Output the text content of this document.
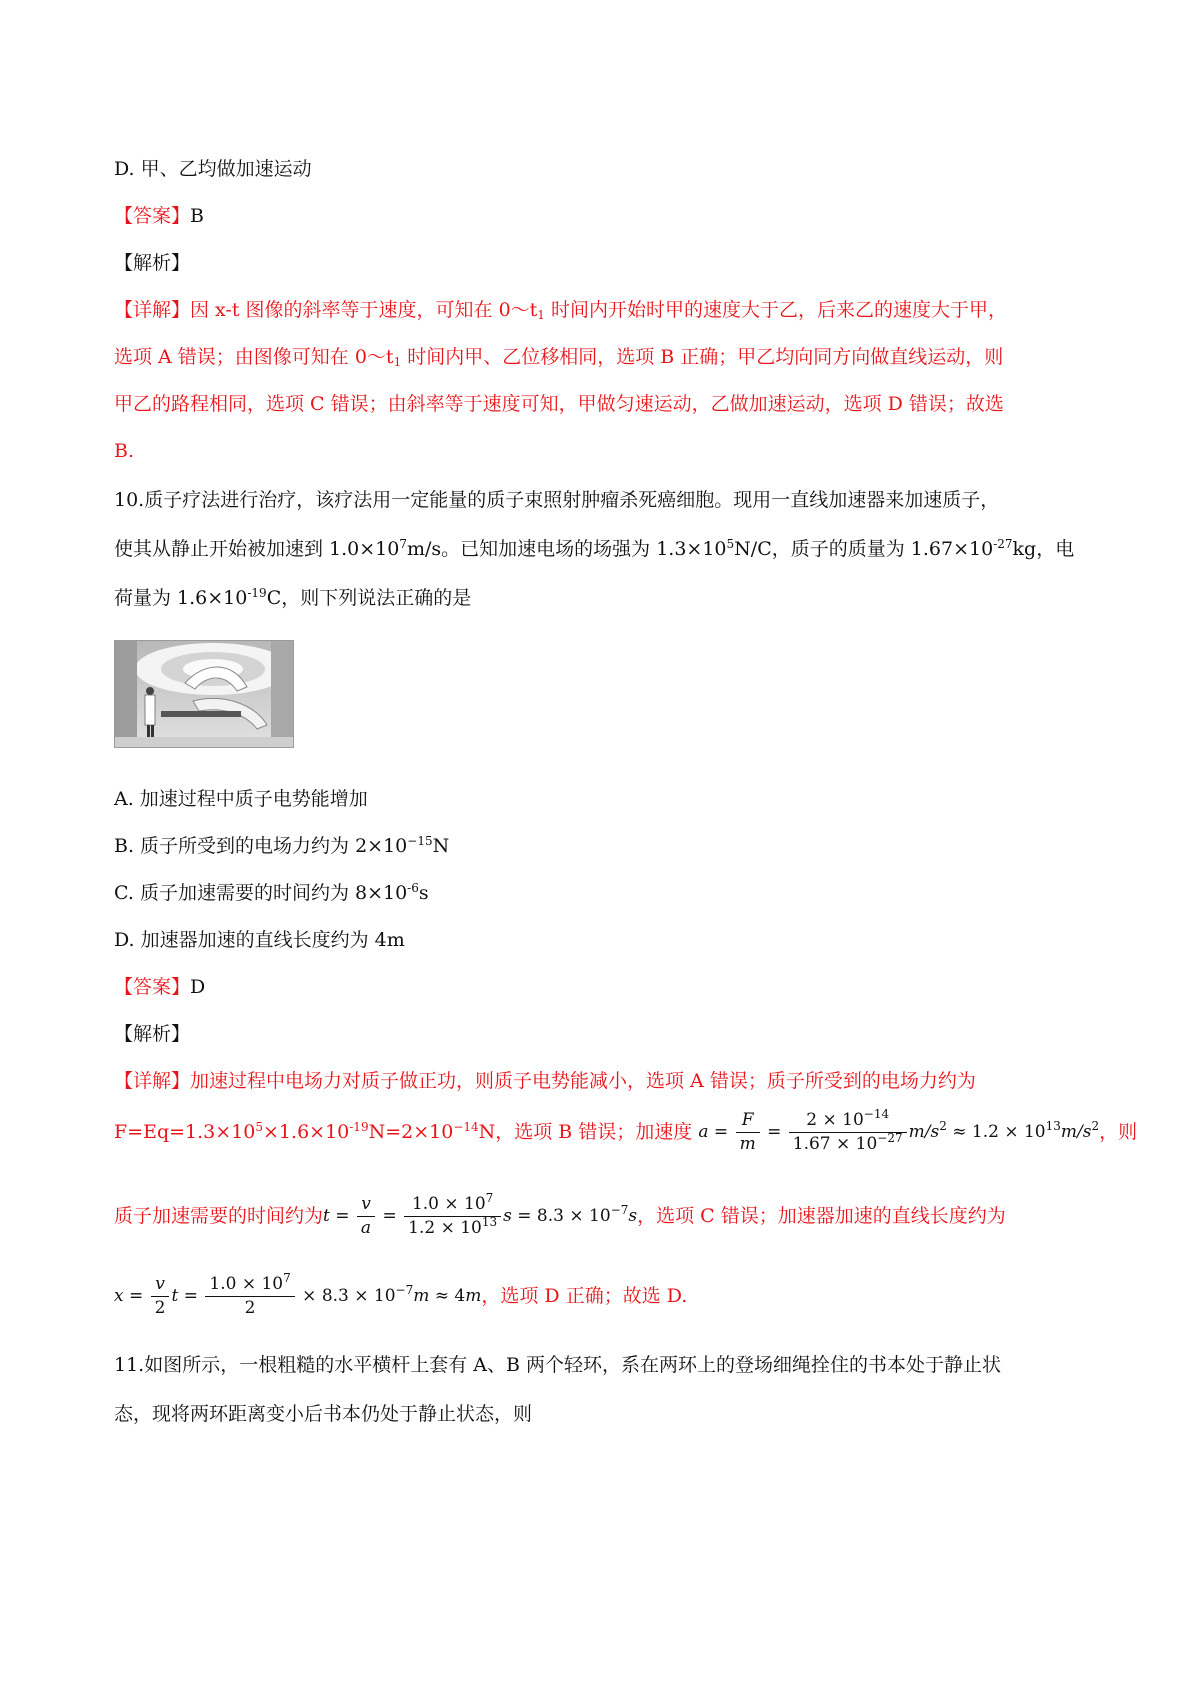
D. 甲、乙均做加速运动
【答案】B
【解析】
【详解】因 x-t 图像的斜率等于速度，可知在 $0\sim t_1$ 时间内开始时甲的速度大于乙，后来乙的速度大于甲，
选项 A 错误；由图像可知在 $0\sim t_1$ 时间内甲、乙位移相同，选项 B 正确；甲乙均向同方向做直线运动，则
甲乙的路程相同，选项 C 错误；由斜率等于速度可知，甲做匀速运动，乙做加速运动，选项 D 错误；故选
B.
10.质子疗法进行治疗，该疗法用一定能量的质子束照射肿瘤杀死癌细胞。现用一直线加速器来加速质子，
使其从静止开始被加速到 $1.0\times 10^7m/s$。已知加速电场的场强为 $1.3\times 10^5N/C$，质子的质量为 $1.67\times 10^{-27}kg$，电
荷量为 $1.6\times 10^{-19}C$，则下列说法正确的是
A. 加速过程中质子电势能增加
B. 质子所受到的电场力约为 $2\times 10^{-15}N$
C. 质子加速需要的时间约为 $8\times 10^{-6}s$
D. 加速器加速的直线长度约为 4m
【答案】D
【解析】
【详解】加速过程中电场力对质子做正功，则质子电势能减小，选项 A 错误；质子所受到的电场力约为
$F=Eq=1.3\times 10^5\times 1.6\times 10^{-19}N=2\times 10^{-14}N$，选项 B 错误；加速度 $a = \frac{F}{m} = \frac{2 \times 10^{-14}}{1.67 \times 10^{-27}} m/s^2 \approx 1.2 \times 10^{13}m/s^2$，则
质子加速需要的时间约为$t = \frac{v}{a} = \frac{1.0 \times 10^7}{1.2 \times 10^{13}}$ $s = 8.3 \times 10^{-7}s$，选项 C 错误；加速器加速的直线长度约为
$x = \frac{v}{2}$ $t = \frac{1.0 \times 10^7}{2} \times 8.3 \times 10^{-7}m \approx 4m$，选项 D 正确；故选 D.
11.如图所示，一根粗糙的水平横杆上套有 A、B 两个轻环，系在两环上的登场细绳拴住的书本处于静止状
态，现将两环距离变小后书本仍处于静止状态，则
